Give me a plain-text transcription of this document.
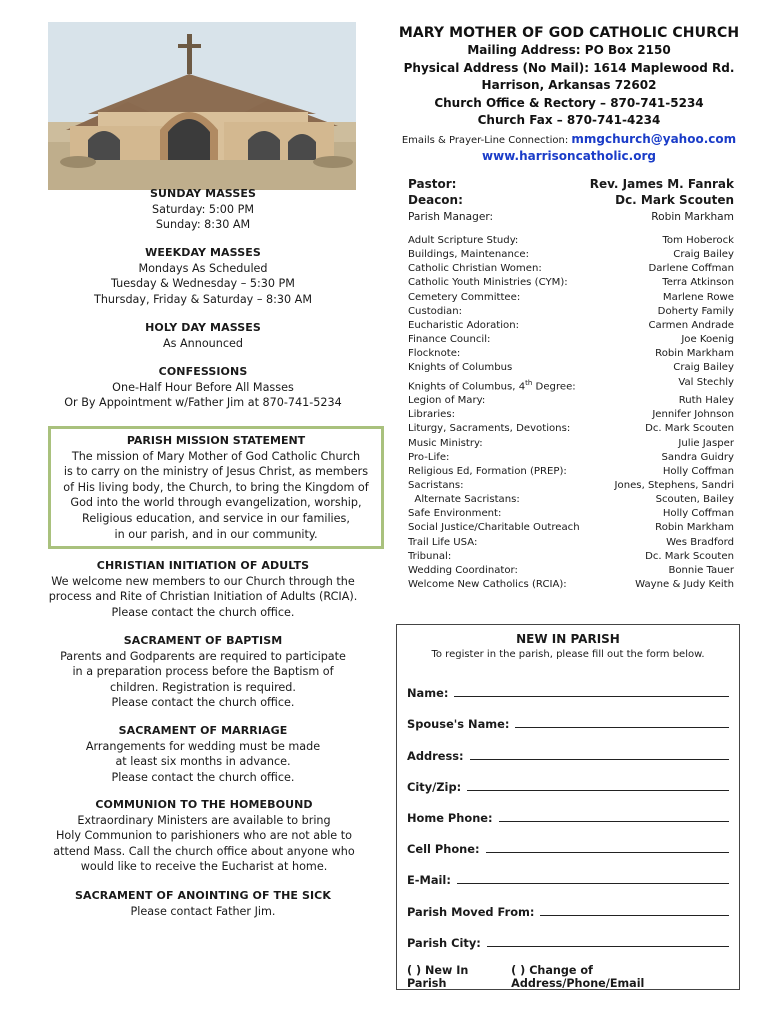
MARY MOTHER OF GOD CATHOLIC CHURCH
Mailing Address: PO Box 2150
Physical Address (No Mail): 1614 Maplewood Rd.
Harrison, Arkansas 72602
Church Office & Rectory – 870-741-5234
Church Fax – 870-741-4234
Emails & Prayer-Line Connection: mmgchurch@yahoo.com
www.harrisoncatholic.org
SUNDAY MASSES

Saturday: 5:00 PM

Sunday: 8:30 AM

WEEKDAY MASSES

Mondays As Scheduled

Tuesday & Wednesday – 5:30 PM

Thursday, Friday & Saturday – 8:30 AM

HOLY DAY MASSES

As Announced

CONFESSIONS

One-Half Hour Before All Masses

Or By Appointment w/Father Jim at 870-741-5234

PARISH MISSION STATEMENT

The mission of Mary Mother of God Catholic Church

is to carry on the ministry of Jesus Christ, as members

of His living body, the Church, to bring the Kingdom of

God into the world through evangelization, worship,

Religious education, and service in our families,

in our parish, and in our community.

CHRISTIAN INITIATION OF ADULTS

We welcome new members to our Church through the

process and Rite of Christian Initiation of Adults (RCIA).

Please contact the church office.

SACRAMENT OF BAPTISM

Parents and Godparents are required to participate

in a preparation process before the Baptism of

children. Registration is required.

Please contact the church office.

SACRAMENT OF MARRIAGE

Arrangements for wedding must be made

at least six months in advance.

Please contact the church office.

COMMUNION TO THE HOMEBOUND

Extraordinary Ministers are available to bring

Holy Communion to parishioners who are not able to

attend Mass. Call the church office about anyone who

would like to receive the Eucharist at home.

SACRAMENT OF ANOINTING OF THE SICK

Please contact Father Jim.

Pastor:	Rev. James M. Fanrak
Deacon:	Dc. Mark Scouten
Parish Manager:	Robin Markham
Adult Scripture Study:	Tom Hoberock
Buildings, Maintenance:	Craig Bailey
Catholic Christian Women:	Darlene Coffman
Catholic Youth Ministries (CYM):	Terra Atkinson
Cemetery Committee:	Marlene Rowe
Custodian:	Doherty Family
Eucharistic Adoration:	Carmen Andrade
Finance Council:	Joe Koenig
Flocknote:	Robin Markham
Knights of Columbus	Craig Bailey
Knights of Columbus, 4th Degree:	Val Stechly
Legion of Mary:	Ruth Haley
Libraries:	Jennifer Johnson
Liturgy, Sacraments, Devotions:	Dc. Mark Scouten
Music Ministry:	Julie Jasper
Pro-Life:	Sandra Guidry
Religious Ed, Formation (PREP):	Holly Coffman
Sacristans:	Jones, Stephens, Sandri
Alternate Sacristans:	Scouten, Bailey
Safe Environment:	Holly Coffman
Social Justice/Charitable Outreach	Robin Markham
Trail Life USA:	Wes Bradford
Tribunal:	Dc. Mark Scouten
Wedding Coordinator:	Bonnie Tauer
Welcome New Catholics (RCIA):	Wayne & Judy Keith
NEW IN PARISH
To register in the parish, please fill out the form below.
Name:
Spouse's Name:
Address:
City/Zip:
Home Phone:
Cell Phone:
E-Mail:
Parish Moved From:
Parish City:
( ) New In Parish
( ) Change of Address/Phone/Email
